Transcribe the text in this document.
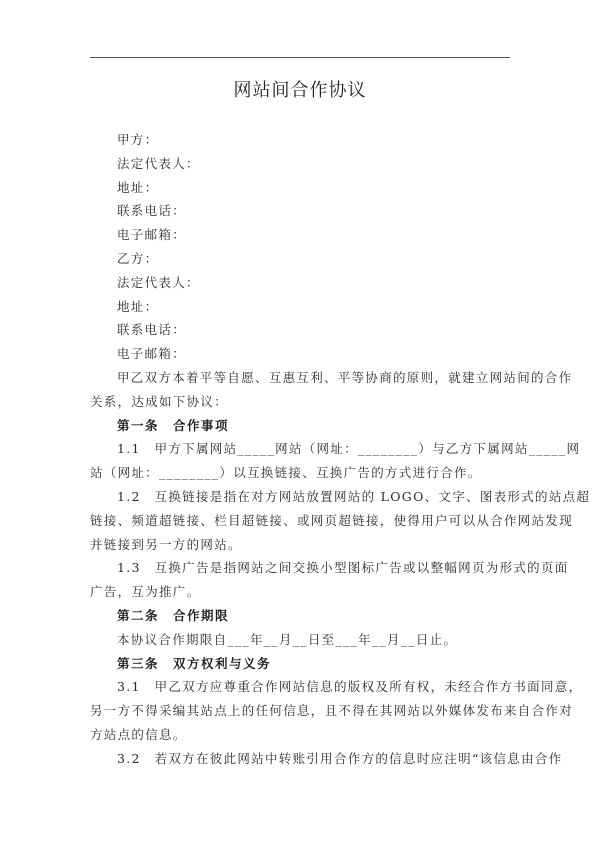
网站间合作协议
甲方：
法定代表人：
地址：
联系电话：
电子邮箱：
乙方：
法定代表人：
地址：
联系电话：
电子邮箱：
甲乙双方本着平等自愿、互惠互利、平等协商的原则，就建立网站间的合作
关系，达成如下协议：
第一条　合作事项
1.1　甲方下属网站_____网站（网址：________）与乙方下属网站_____网
站（网址：________）以互换链接、互换广告的方式进行合作。
1.2　互换链接是指在对方网站放置网站的 LOGO、文字、图表形式的站点超
链接、频道超链接、栏目超链接、或网页超链接，使得用户可以从合作网站发现
并链接到另一方的网站。
1.3　互换广告是指网站之间交换小型图标广告或以整幅网页为形式的页面
广告，互为推广。
第二条　合作期限
本协议合作期限自___年__月__日至___年__月__日止。
第三条　双方权利与义务
3.1　甲乙双方应尊重合作网站信息的版权及所有权，未经合作方书面同意，
另一方不得采编其站点上的任何信息，且不得在其网站以外媒体发布来自合作对
方站点的信息。
3.2　若双方在彼此网站中转账引用合作方的信息时应注明“该信息由合作
